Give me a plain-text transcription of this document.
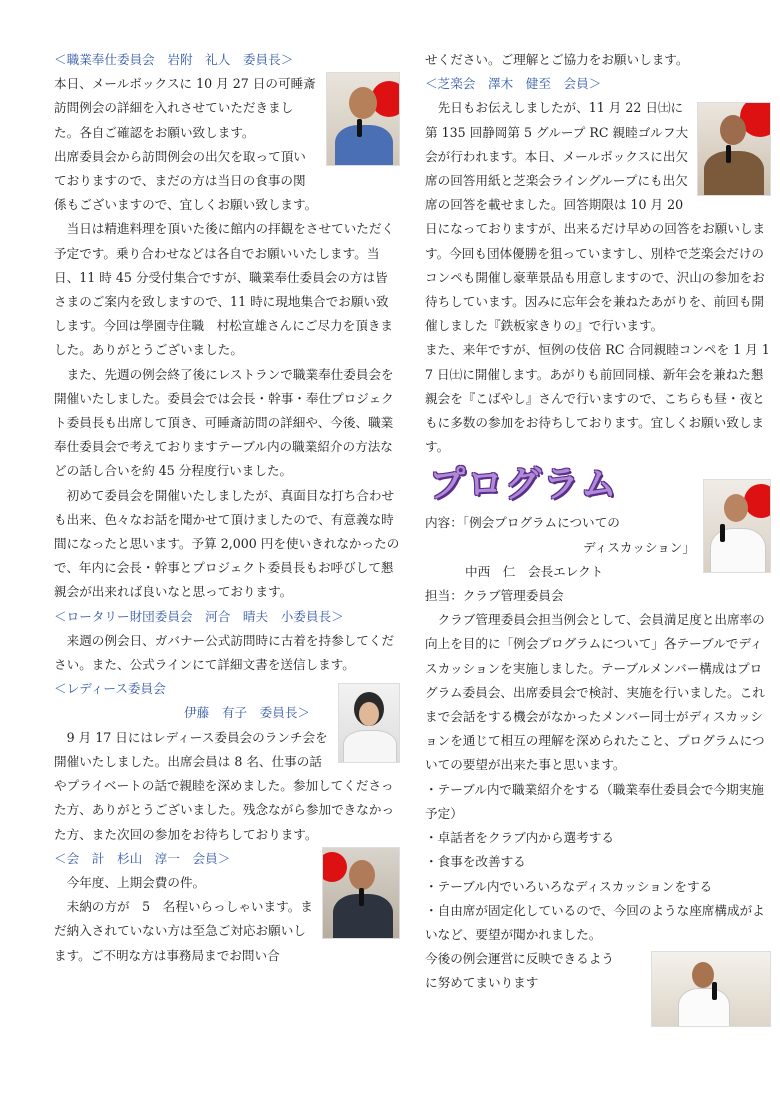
＜職業奉仕委員会　岩附　礼人　委員長＞

本日、メールボックスに 10 月 27 日の可睡斎訪問例会の詳細を入れさせていただきました。各自ご確認をお願い致します。

出席委員会から訪問例会の出欠を取って頂いておりますので、まだの方は当日の食事の関係もございますので、宜しくお願い致します。

当日は精進料理を頂いた後に館内の拝観をさせていただく予定です。乗り合わせなどは各自でお願いいたします。当日、11 時 45 分受付集合ですが、職業奉仕委員会の方は皆さまのご案内を致しますので、11 時に現地集合でお願い致します。今回は學園寺住職　村松宣雄さんにご尽力を頂きました。ありがとうございました。

また、先週の例会終了後にレストランで職業奉仕委員会を開催いたしました。委員会では会長・幹事・奉仕プロジェクト委員長も出席して頂き、可睡斎訪問の詳細や、今後、職業奉仕委員会で考えておりますテーブル内の職業紹介の方法などの話し合いを約 45 分程度行いました。

初めて委員会を開催いたしましたが、真面目な打ち合わせも出来、色々なお話を聞かせて頂けましたので、有意義な時間になったと思います。予算 2,000 円を使いきれなかったので、年内に会長・幹事とプロジェクト委員長もお呼びして懇親会が出来れば良いなと思っております。

＜ロータリー財団委員会　河合　晴夫　小委員長＞

来週の例会日、ガバナー公式訪問時に古着を持参してください。また、公式ラインにて詳細文書を送信します。

＜レディース委員会

伊藤　有子　委員長＞

9 月 17 日にはレディース委員会のランチ会を開催いたしました。出席会員は 8 名、仕事の話やプライベートの話で親睦を深めました。参加してくださった方、ありがとうございました。残念ながら参加できなかった方、また次回の参加をお待ちしております。

＜会　計　杉山　淳一　会員＞

今年度、上期会費の件。

未納の方が　5　名程いらっしゃいます。まだ納入されていない方は至急ご対応お願いします。ご不明な方は事務局までお問い合

せください。ご理解とご協力をお願いします。

＜芝楽会　澤木　健至　会員＞

先日もお伝えしましたが、11 月 22 日㈯に第 135 回静岡第 5 グループ RC 親睦ゴルフ大会が行われます。本日、メールボックスに出欠席の回答用紙と芝楽会ライングループにも出欠席の回答を載せました。回答期限は 10 月 20 日になっておりますが、出来るだけ早めの回答をお願いします。今回も団体優勝を狙っていますし、別枠で芝楽会だけのコンペも開催し豪華景品も用意しますので、沢山の参加をお待ちしています。因みに忘年会を兼ねたあがりを、前回も開催しました『鉄板家きりの』で行います。

また、来年ですが、恒例の伎倍 RC 合同親睦コンペを 1 月 17 日㈯に開催します。あがりも前回同様、新年会を兼ねた懇親会を『こばやし』さんで行いますので、こちらも昼・夜ともに多数の参加をお待ちしております。宜しくお願い致します。

プログラム

内容：「例会プログラムについての

ディスカッション」

中西　仁　会長エレクト

担当：クラブ管理委員会

クラブ管理委員会担当例会として、会員満足度と出席率の向上を目的に「例会プログラムについて」各テーブルでディスカッションを実施しました。テーブルメンバー構成はプログラム委員会、出席委員会で検討、実施を行いました。これまで会話をする機会がなかったメンバー同士がディスカッションを通じて相互の理解を深められたこと、プログラムについての要望が出来た事と思います。

・テーブル内で職業紹介をする（職業奉仕委員会で今期実施予定）

・卓話者をクラブ内から選考する

・食事を改善する

・テーブル内でいろいろなディスカッションをする

・自由席が固定化しているので、今回のような座席構成がよいなど、要望が聞かれました。

今後の例会運営に反映できるように努めてまいります
